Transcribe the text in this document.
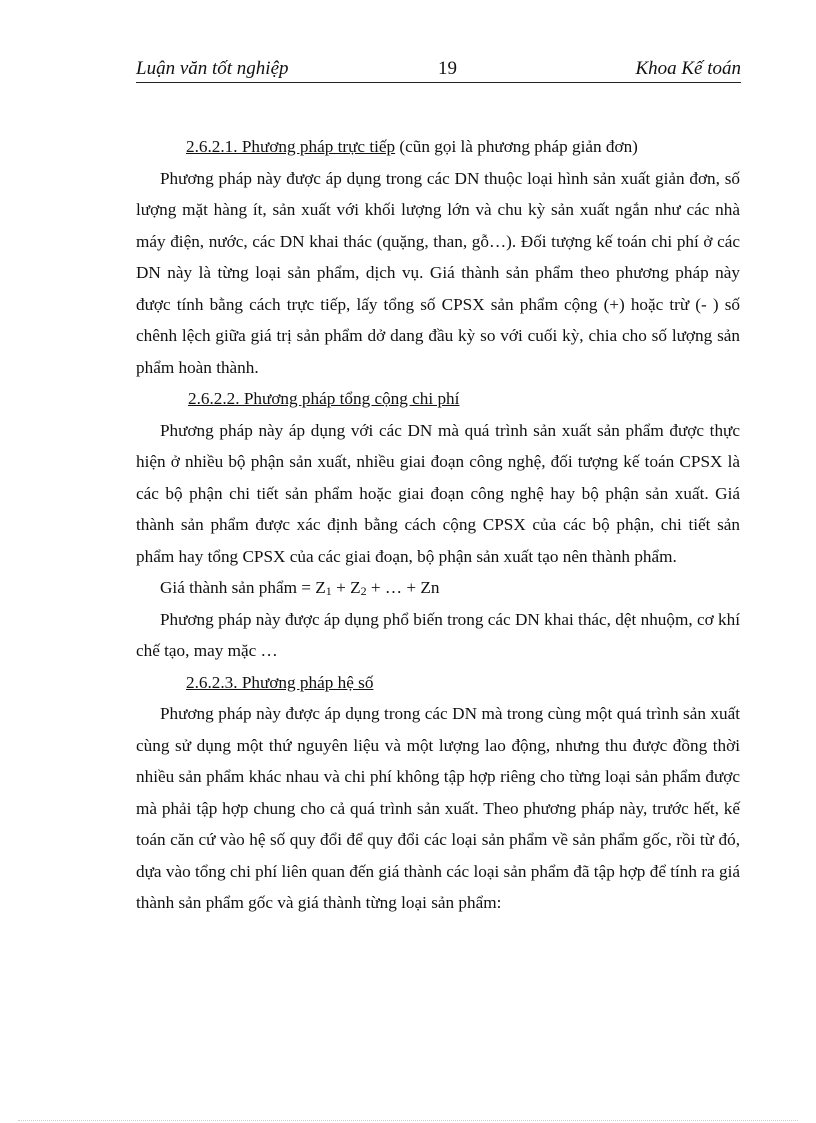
Luận văn tốt nghiệp	19	Khoa Kế toán

2.6.2.1. Phương pháp trực tiếp (cũn gọi là phương pháp giản đơn)

Phương pháp này được áp dụng trong các DN thuộc loại hình sản xuất giản đơn, số lượng mặt hàng ít, sản xuất với khối lượng lớn và chu kỳ sản xuất ngắn như các nhà máy điện, nước, các DN khai thác (quặng, than, gỗ…). Đối tượng kế toán chi phí ở các DN này là từng loại sản phẩm, dịch vụ. Giá thành sản phẩm theo phương pháp này được tính bằng cách trực tiếp, lấy tổng số CPSX sản phẩm cộng (+) hoặc trừ (- ) số chênh lệch giữa giá trị sản phẩm dở dang đầu kỳ so với cuối kỳ, chia cho số lượng sản phẩm hoàn thành.

2.6.2.2. Phương pháp tổng cộng chi phí

Phương pháp này áp dụng với các DN mà quá trình sản xuất sản phẩm được thực hiện ở nhiều bộ phận sản xuất, nhiều giai đoạn công nghệ, đối tượng kế toán CPSX là các bộ phận chi tiết sản phẩm hoặc giai đoạn công nghệ hay bộ phận sản xuất. Giá thành sản phẩm được xác định bằng cách cộng CPSX của các bộ phận, chi tiết sản phẩm hay tổng CPSX của các giai đoạn, bộ phận sản xuất tạo nên thành phẩm.

Giá thành sản phẩm = $Z_1 + Z_2$ + … + Zn

Phương pháp này được áp dụng phổ biến trong các DN khai thác, dệt nhuộm, cơ khí chế tạo, may mặc …

2.6.2.3. Phương pháp hệ số

Phương pháp này được áp dụng trong các DN mà trong cùng một quá trình sản xuất cùng sử dụng một thứ nguyên liệu và một lượng lao động, nhưng thu được đồng thời nhiều sản phẩm khác nhau và chi phí không tập hợp riêng cho từng loại sản phẩm được mà phải tập hợp chung cho cả quá trình sản xuất. Theo phương pháp này, trước hết, kế toán căn cứ vào hệ số quy đổi để quy đổi các loại sản phẩm về sản phẩm gốc, rồi từ đó, dựa vào tổng chi phí liên quan đến giá thành các loại sản phẩm đã tập hợp để tính ra giá thành sản phẩm gốc và giá thành từng loại sản phẩm:
